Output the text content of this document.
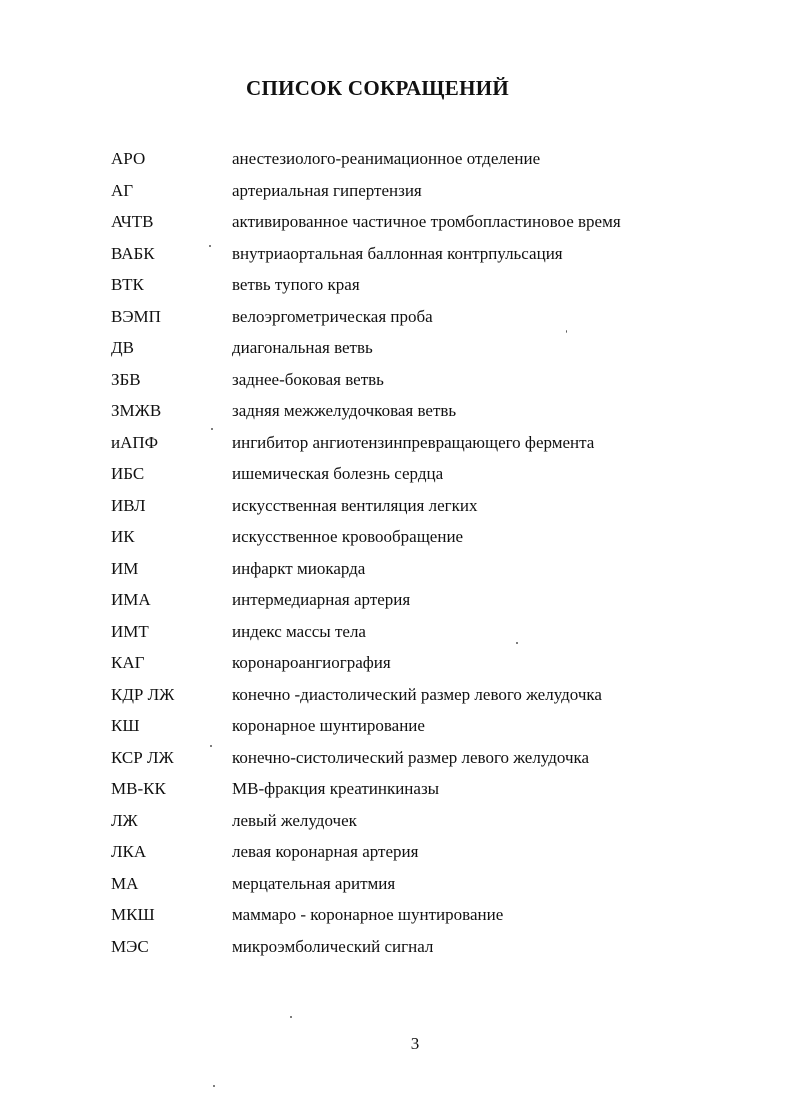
СПИСОК СОКРАЩЕНИЙ
АРО	анестезиолого-реанимационное отделение
АГ	артериальная гипертензия
АЧТВ	активированное частичное тромбопластиновое время
ВАБК	внутриаортальная баллонная контрпульсация
ВТК	ветвь тупого края
ВЭМП	велоэргометрическая проба
ДВ	диагональная ветвь
ЗБВ	заднее-боковая ветвь
ЗМЖВ	задняя межжелудочковая ветвь
иАПФ	ингибитор ангиотензинпревращающего фермента
ИБС	ишемическая болезнь сердца
ИВЛ	искусственная вентиляция легких
ИК	искусственное кровообращение
ИМ	инфаркт миокарда
ИМА	интермедиарная артерия
ИМТ	индекс массы тела
КАГ	коронароангиография
КДР ЛЖ	конечно -диастолический размер левого желудочка
КШ	коронарное шунтирование
КСР ЛЖ	конечно-систолический размер левого желудочка
МВ-КК	МВ-фракция креатинкиназы
ЛЖ	левый желудочек
ЛКА	левая коронарная артерия
МА	мерцательная аритмия
МКШ	маммаро - коронарное шунтирование
МЭС	микроэмболический сигнал
3
